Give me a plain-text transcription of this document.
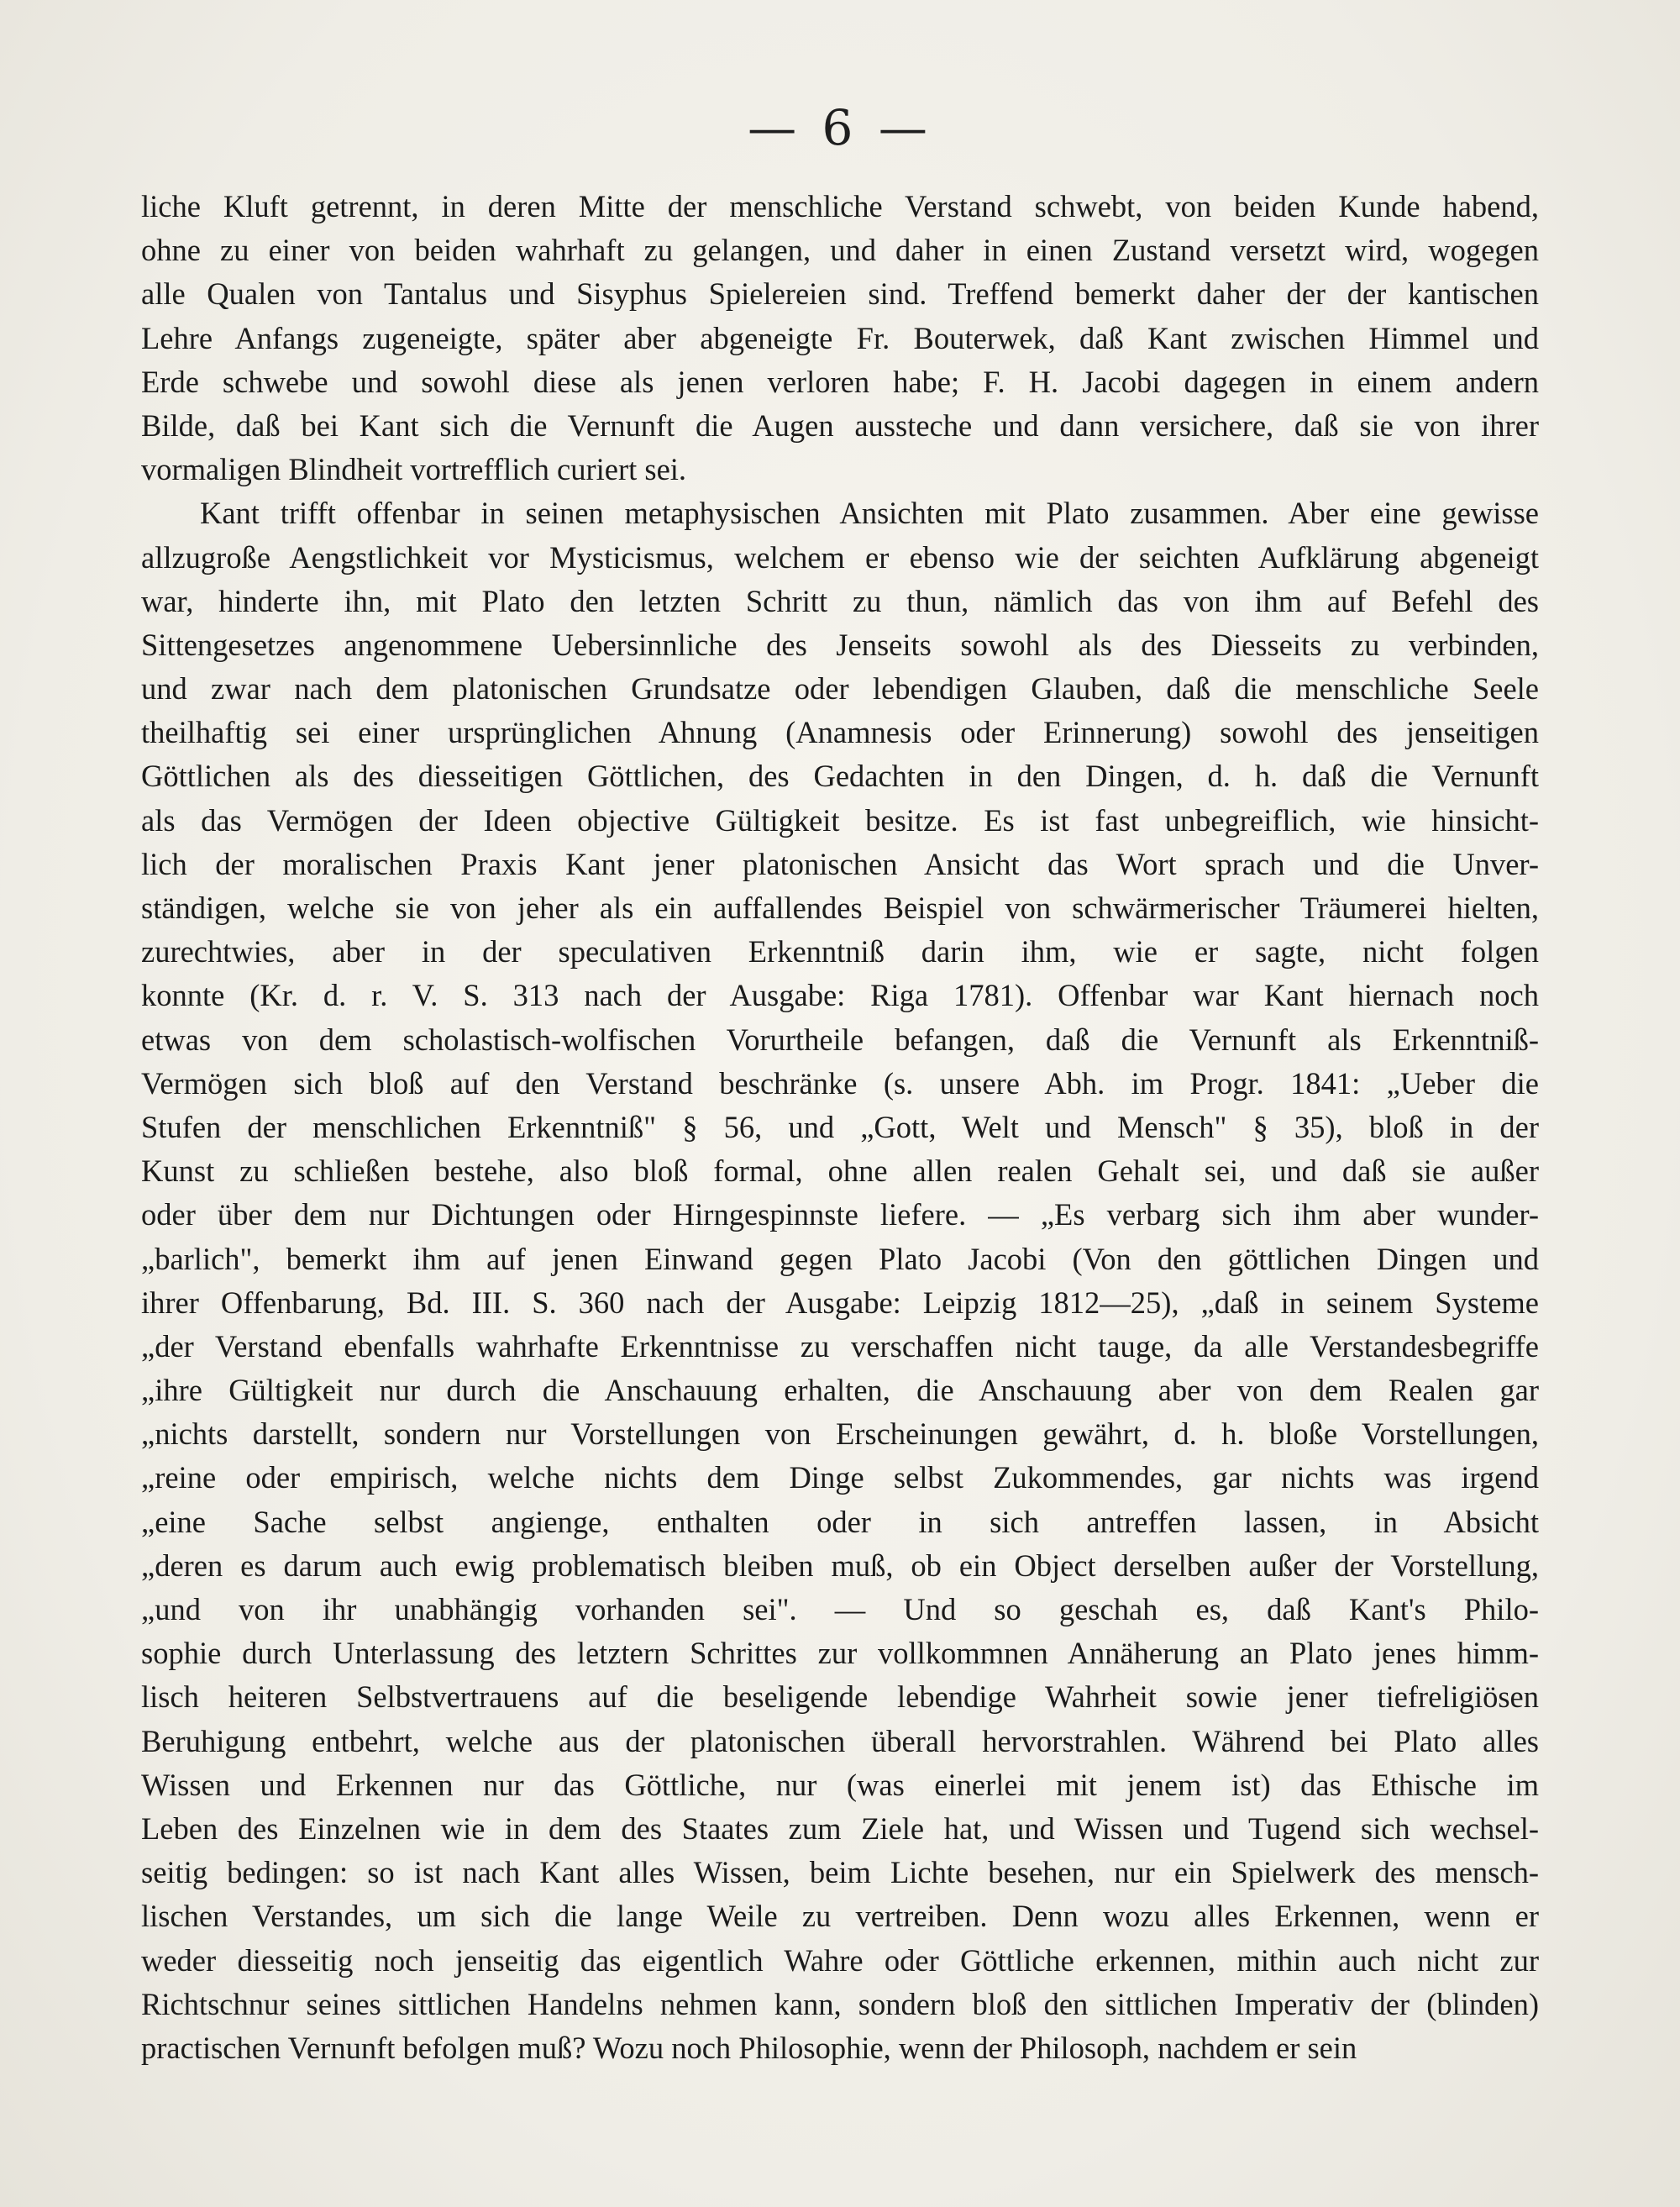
— 6 —
liche Kluft getrennt, in deren Mitte der menschliche Verstand schwebt, von beiden Kunde habend,
ohne zu einer von beiden wahrhaft zu gelangen, und daher in einen Zustand versetzt wird, wogegen
alle Qualen von Tantalus und Sisyphus Spielereien sind. Treffend bemerkt daher der der kantischen
Lehre Anfangs zugeneigte, später aber abgeneigte Fr. Bouterwek, daß Kant zwischen Himmel und
Erde schwebe und sowohl diese als jenen verloren habe; F. H. Jacobi dagegen in einem andern
Bilde, daß bei Kant sich die Vernunft die Augen aussteche und dann versichere, daß sie von ihrer
vormaligen Blindheit vortrefflich curiert sei.
Kant trifft offenbar in seinen metaphysischen Ansichten mit Plato zusammen. Aber eine gewisse
allzugroße Aengstlichkeit vor Mysticismus, welchem er ebenso wie der seichten Aufklärung abgeneigt
war, hinderte ihn, mit Plato den letzten Schritt zu thun, nämlich das von ihm auf Befehl des
Sittengesetzes angenommene Uebersinnliche des Jenseits sowohl als des Diesseits zu verbinden,
und zwar nach dem platonischen Grundsatze oder lebendigen Glauben, daß die menschliche Seele
theilhaftig sei einer ursprünglichen Ahnung (Anamnesis oder Erinnerung) sowohl des jenseitigen
Göttlichen als des diesseitigen Göttlichen, des Gedachten in den Dingen, d. h. daß die Vernunft
als das Vermögen der Ideen objective Gültigkeit besitze. Es ist fast unbegreiflich, wie hinsicht-
lich der moralischen Praxis Kant jener platonischen Ansicht das Wort sprach und die Unver-
ständigen, welche sie von jeher als ein auffallendes Beispiel von schwärmerischer Träumerei hielten,
zurechtwies, aber in der speculativen Erkenntniß darin ihm, wie er sagte, nicht folgen
konnte (Kr. d. r. V. S. 313 nach der Ausgabe: Riga 1781). Offenbar war Kant hiernach noch
etwas von dem scholastisch-wolfischen Vorurtheile befangen, daß die Vernunft als Erkenntniß-
Vermögen sich bloß auf den Verstand beschränke (s. unsere Abh. im Progr. 1841: „Ueber die
Stufen der menschlichen Erkenntniß" § 56, und „Gott, Welt und Mensch" § 35), bloß in der
Kunst zu schließen bestehe, also bloß formal, ohne allen realen Gehalt sei, und daß sie außer
oder über dem nur Dichtungen oder Hirngespinnste liefere. — „Es verbarg sich ihm aber wunder-
„barlich", bemerkt ihm auf jenen Einwand gegen Plato Jacobi (Von den göttlichen Dingen und
ihrer Offenbarung, Bd. III. S. 360 nach der Ausgabe: Leipzig 1812—25), „daß in seinem Systeme
„der Verstand ebenfalls wahrhafte Erkenntnisse zu verschaffen nicht tauge, da alle Verstandesbegriffe
„ihre Gültigkeit nur durch die Anschauung erhalten, die Anschauung aber von dem Realen gar
„nichts darstellt, sondern nur Vorstellungen von Erscheinungen gewährt, d. h. bloße Vorstellungen,
„reine oder empirisch, welche nichts dem Dinge selbst Zukommendes, gar nichts was irgend
„eine Sache selbst angienge, enthalten oder in sich antreffen lassen, in Absicht
„deren es darum auch ewig problematisch bleiben muß, ob ein Object derselben außer der Vorstellung,
„und von ihr unabhängig vorhanden sei". — Und so geschah es, daß Kant's Philo-
sophie durch Unterlassung des letztern Schrittes zur vollkommnen Annäherung an Plato jenes himm-
lisch heiteren Selbstvertrauens auf die beseligende lebendige Wahrheit sowie jener tiefreligiösen
Beruhigung entbehrt, welche aus der platonischen überall hervorstrahlen. Während bei Plato alles
Wissen und Erkennen nur das Göttliche, nur (was einerlei mit jenem ist) das Ethische im
Leben des Einzelnen wie in dem des Staates zum Ziele hat, und Wissen und Tugend sich wechsel-
seitig bedingen: so ist nach Kant alles Wissen, beim Lichte besehen, nur ein Spielwerk des mensch-
lischen Verstandes, um sich die lange Weile zu vertreiben. Denn wozu alles Erkennen, wenn er
weder diesseitig noch jenseitig das eigentlich Wahre oder Göttliche erkennen, mithin auch nicht zur
Richtschnur seines sittlichen Handelns nehmen kann, sondern bloß den sittlichen Imperativ der (blinden)
practischen Vernunft befolgen muß? Wozu noch Philosophie, wenn der Philosoph, nachdem er sein
